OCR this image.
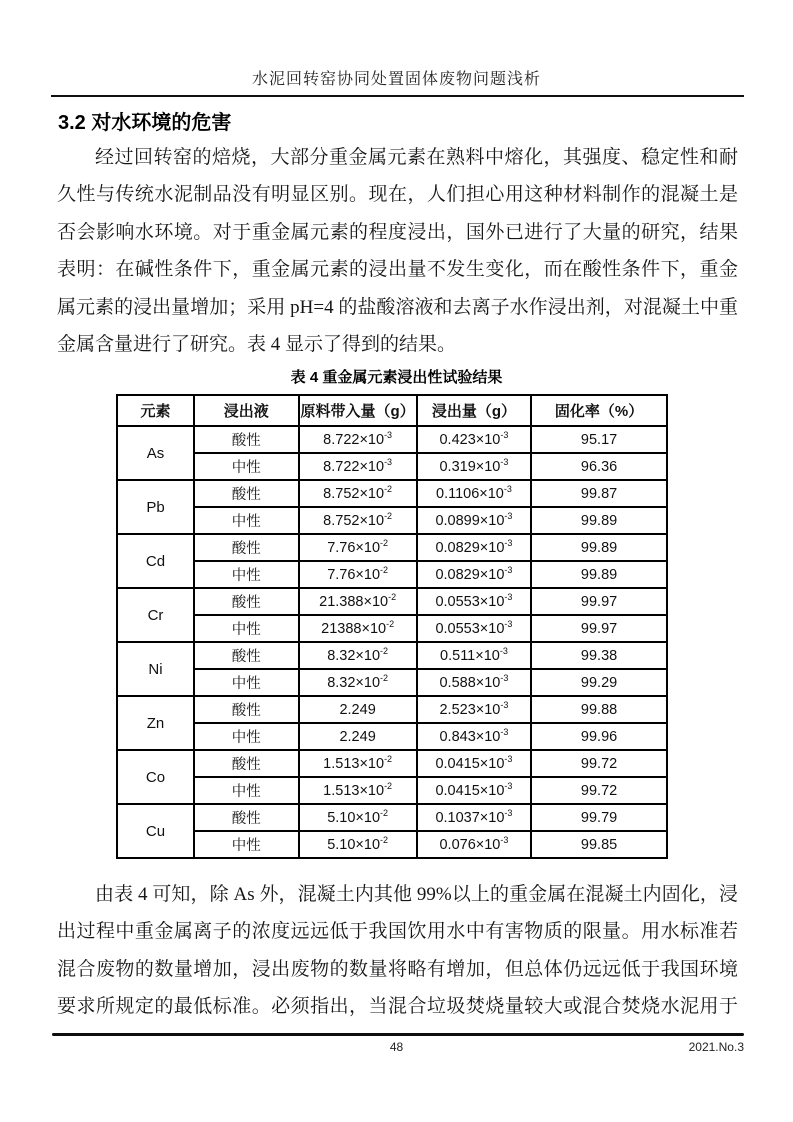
水泥回转窑协同处置固体废物问题浅析
3.2 对水环境的危害
经过回转窑的焙烧，大部分重金属元素在熟料中熔化，其强度、稳定性和耐
久性与传统水泥制品没有明显区别。现在，人们担心用这种材料制作的混凝土是
否会影响水环境。对于重金属元素的程度浸出，国外已进行了大量的研究，结果
表明：在碱性条件下，重金属元素的浸出量不发生变化，而在酸性条件下，重金
属元素的浸出量增加；采用 pH=4 的盐酸溶液和去离子水作浸出剂，对混凝土中重
金属含量进行了研究。表 4 显示了得到的结果。
表 4 重金属元素浸出性试验结果
元素	浸出液	原料带入量（g）	浸出量（g）	固化率（%）
As	酸性	$8.722\times 10^{-3}$	$0.423\times 10^{-3}$	95.17
	中性	$8.722\times 10^{-3}$	$0.319\times 10^{-3}$	96.36
Pb	酸性	$8.752\times 10^{-2}$	$0.1106\times 10^{-3}$	99.87
	中性	$8.752\times 10^{-2}$	$0.0899\times 10^{-3}$	99.89
Cd	酸性	$7.76\times 10^{-2}$	$0.0829\times 10^{-3}$	99.89
	中性	$7.76\times 10^{-2}$	$0.0829\times 10^{-3}$	99.89
Cr	酸性	$21.388\times 10^{-2}$	$0.0553\times 10^{-3}$	99.97
	中性	$21388\times 10^{-2}$	$0.0553\times 10^{-3}$	99.97
Ni	酸性	$8.32\times 10^{-2}$	$0.511\times 10^{-3}$	99.38
	中性	$8.32\times 10^{-2}$	$0.588\times 10^{-3}$	99.29
Zn	酸性	2.249	$2.523\times 10^{-3}$	99.88
	中性	2.249	$0.843\times 10^{-3}$	99.96
Co	酸性	$1.513\times 10^{-2}$	$0.0415\times 10^{-3}$	99.72
	中性	$1.513\times 10^{-2}$	$0.0415\times 10^{-3}$	99.72
Cu	酸性	$5.10\times 10^{-2}$	$0.1037\times 10^{-3}$	99.79
	中性	$5.10\times 10^{-2}$	$0.076\times 10^{-3}$	99.85
由表 4 可知，除 As 外，混凝土内其他 99%以上的重金属在混凝土内固化，浸
出过程中重金属离子的浓度远远低于我国饮用水中有害物质的限量。用水标准若
混合废物的数量增加，浸出废物的数量将略有增加，但总体仍远远低于我国环境
要求所规定的最低标准。必须指出，当混合垃圾焚烧量较大或混合焚烧水泥用于
48	2021.No.3
